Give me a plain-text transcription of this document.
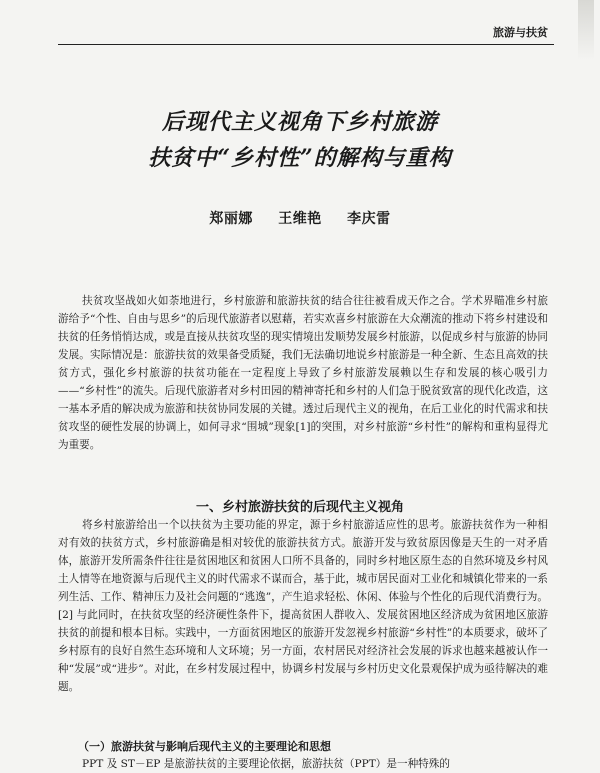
旅游与扶贫
后现代主义视角下乡村旅游
扶贫中“乡村性”的解构与重构
郑丽娜 王维艳 李庆雷

扶贫攻坚战如火如荼地进行，乡村旅游和旅游扶贫的结合往往被看成天作之合。学术界瞄准乡村旅游给予“个性、自由与思乡”的后现代旅游者以慰藉，若实欢喜乡村旅游在大众潮流的推动下将乡村建设和扶贫的任务悄悄达成，或是直接从扶贫攻坚的现实情境出发顺势发展乡村旅游，以促成乡村与旅游的协同发展。实际情况是：旅游扶贫的效果备受质疑，我们无法确切地说乡村旅游是一种全新、生态且高效的扶贫方式，强化乡村旅游的扶贫功能在一定程度上导致了乡村旅游发展赖以生存和发展的核心吸引力——“乡村性”的流失。后现代旅游者对乡村田园的精神寄托和乡村的人们急于脱贫致富的现代化改造，这一基本矛盾的解决成为旅游和扶贫协同发展的关键。透过后现代主义的视角，在后工业化的时代需求和扶贫攻坚的硬性发展的协调上，如何寻求“围城”现象[1]的突围，对乡村旅游“乡村性”的解构和重构显得尤为重要。

一、乡村旅游扶贫的后现代主义视角

将乡村旅游给出一个以扶贫为主要功能的界定，源于乡村旅游适应性的思考。旅游扶贫作为一种相对有效的扶贫方式，乡村旅游确是相对较优的旅游扶贫方式。旅游开发与致贫原因像是天生的一对矛盾体，旅游开发所需条件往往是贫困地区和贫困人口所不具备的，同时乡村地区原生态的自然环境及乡村风土人情等在地资源与后现代主义的时代需求不谋而合，基于此，城市居民面对工业化和城镇化带来的一系列生活、工作、精神压力及社会问题的“逃逸”，产生追求轻松、休闲、体验与个性化的后现代消费行为。[2] 与此同时，在扶贫攻坚的经济硬性条件下，提高贫困人群收入、发展贫困地区经济成为贫困地区旅游扶贫的前提和根本目标。实践中，一方面贫困地区的旅游开发忽视乡村旅游“乡村性”的本质要求，破坏了乡村原有的良好自然生态环境和人文环境；另一方面，农村居民对经济社会发展的诉求也越来越被认作一种“发展”或“进步”。对此，在乡村发展过程中，协调乡村发展与乡村历史文化景观保护成为亟待解决的难题。

（一）旅游扶贫与影响后现代主义的主要理论和思想

PPT 及 ST－EP 是旅游扶贫的主要理论依据，旅游扶贫（PPT）是一种特殊的
